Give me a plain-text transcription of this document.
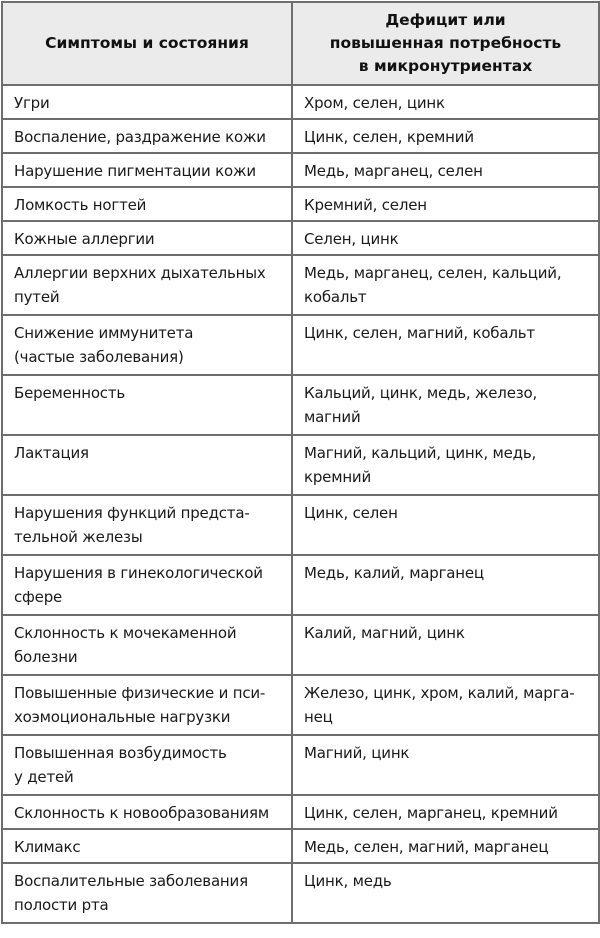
Симптомы и состояния	Дефицит или
повышенная потребность
в микронутриентах

Угри	Хром, селен, цинк

Воспаление, раздражение кожи	Цинк, селен, кремний

Нарушение пигментации кожи	Медь, марганец, селен

Ломкость ногтей	Кремний, селен

Кожные аллергии	Селен, цинк

Аллергии верхних дыхательных
путей	Медь, марганец, селен, кальций,
кобальт

Снижение иммунитета
(частые заболевания)	Цинк, селен, магний, кобальт

Беременность	Кальций, цинк, медь, железо,
магний

Лактация	Магний, кальций, цинк, медь,
кремний

Нарушения функций предста-
тельной железы	Цинк, селен

Нарушения в гинекологической
сфере	Медь, калий, марганец

Склонность к мочекаменной
болезни	Калий, магний, цинк

Повышенные физические и пси-
хоэмоциональные нагрузки	Железо, цинк, хром, калий, марга-
нец

Повышенная возбудимость
у детей	Магний, цинк

Склонность к новообразованиям	Цинк, селен, марганец, кремний

Климакс	Медь, селен, магний, марганец

Воспалительные заболевания
полости рта	Цинк, медь
